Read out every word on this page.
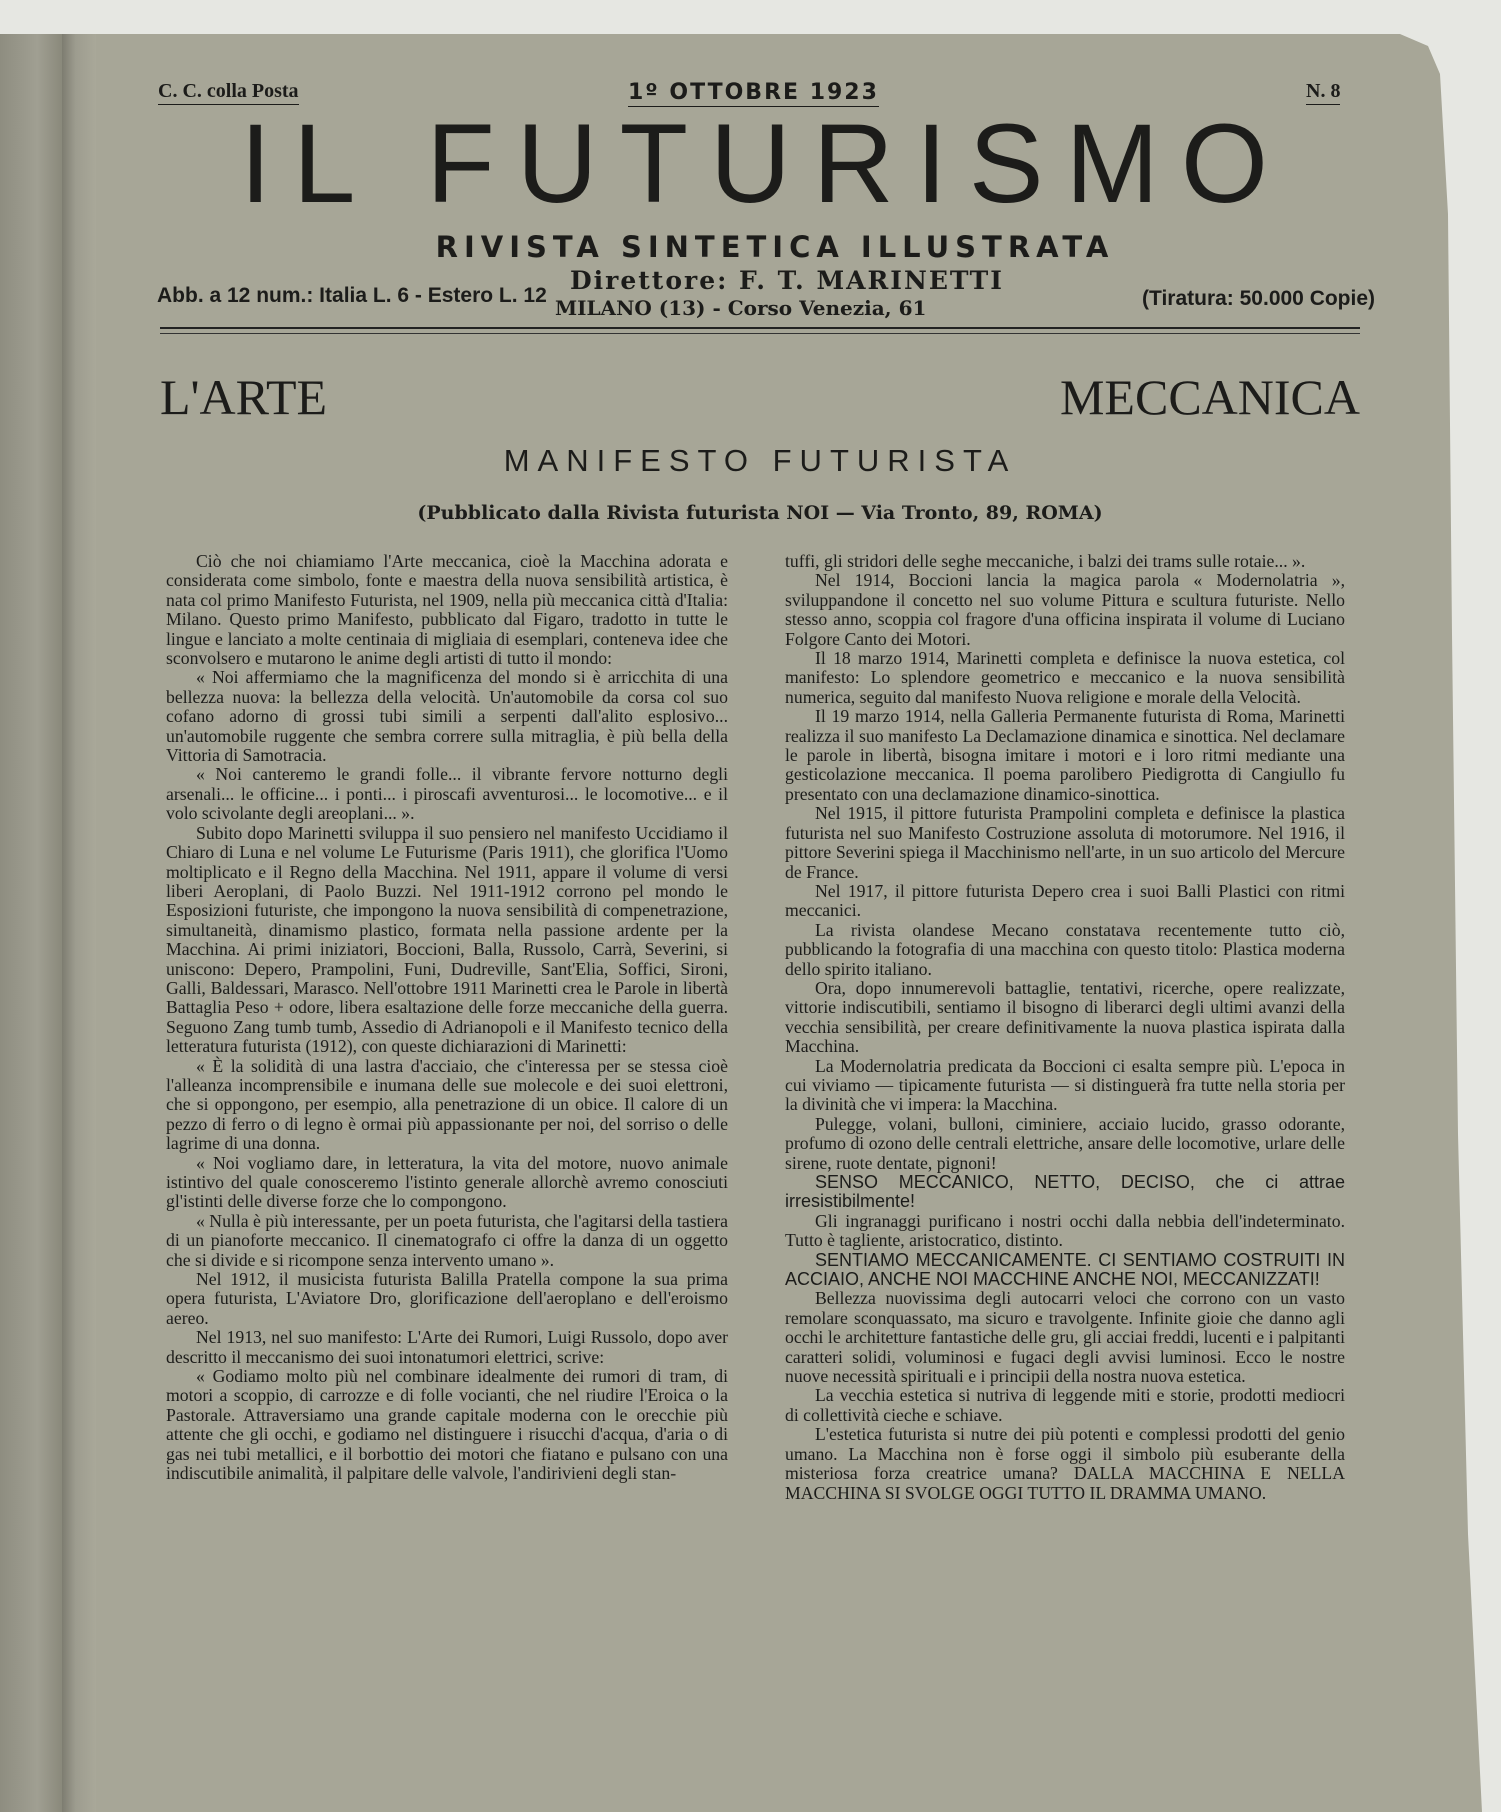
C. C. colla Posta	1º OTTOBRE 1923	N. 8
IL FUTURISMO
RIVISTA SINTETICA ILLUSTRATA
Abb. a 12 num.: Italia L. 6 - Estero L. 12
Direttore: F. T. MARINETTI
MILANO (13) - Corso Venezia, 61	(Tiratura: 50.000 Copie)
L'ARTE MECCANICA
MANIFESTO FUTURISTA
(Pubblicato dalla Rivista futurista NOI — Via Tronto, 89, ROMA)

Ciò che noi chiamiamo l'Arte meccanica, cioè la Macchina adorata e considerata come simbolo, fonte e maestra della nuova sensibilità artistica, è nata col primo Manifesto Futurista, nel 1909, nella più meccanica città d'Italia: Milano. Questo primo Manifesto, pubblicato dal Figaro, tradotto in tutte le lingue e lanciato a molte centinaia di migliaia di esemplari, conteneva idee che sconvolsero e mutarono le anime degli artisti di tutto il mondo:

« Noi affermiamo che la magnificenza del mondo si è arricchita di una bellezza nuova: la bellezza della velocità. Un'automobile da corsa col suo cofano adorno di grossi tubi simili a serpenti dall'alito esplosivo... un'automobile ruggente che sembra correre sulla mitraglia, è più bella della Vittoria di Samotracia.

« Noi canteremo le grandi folle... il vibrante fervore notturno degli arsenali... le officine... i ponti... i piroscafi avventurosi... le locomotive... e il volo scivolante degli areoplani... ».

Subito dopo Marinetti sviluppa il suo pensiero nel manifesto Uccidiamo il Chiaro di Luna e nel volume Le Futurisme (Paris 1911), che glorifica l'Uomo moltiplicato e il Regno della Macchina. Nel 1911, appare il volume di versi liberi Aeroplani, di Paolo Buzzi. Nel 1911-1912 corrono pel mondo le Esposizioni futuriste, che impongono la nuova sensibilità di compenetrazione, simultaneità, dinamismo plastico, formata nella passione ardente per la Macchina. Ai primi iniziatori, Boccioni, Balla, Russolo, Carrà, Severini, si uniscono: Depero, Prampolini, Funi, Dudreville, Sant'Elia, Soffici, Sironi, Galli, Baldessari, Marasco. Nell'ottobre 1911 Marinetti crea le Parole in libertà Battaglia Peso + odore, libera esaltazione delle forze meccaniche della guerra. Seguono Zang tumb tumb, Assedio di Adrianopoli e il Manifesto tecnico della letteratura futurista (1912), con queste dichiarazioni di Marinetti:

« È la solidità di una lastra d'acciaio, che c'interessa per se stessa cioè l'alleanza incomprensibile e inumana delle sue molecole e dei suoi elettroni, che si oppongono, per esempio, alla penetrazione di un obice. Il calore di un pezzo di ferro o di legno è ormai più appassionante per noi, del sorriso o delle lagrime di una donna.

« Noi vogliamo dare, in letteratura, la vita del motore, nuovo animale istintivo del quale conosceremo l'istinto generale allorchè avremo conosciuti gl'istinti delle diverse forze che lo compongono.

« Nulla è più interessante, per un poeta futurista, che l'agitarsi della tastiera di un pianoforte meccanico. Il cinematografo ci offre la danza di un oggetto che si divide e si ricompone senza intervento umano ».

Nel 1912, il musicista futurista Balilla Pratella compone la sua prima opera futurista, L'Aviatore Dro, glorificazione dell'aeroplano e dell'eroismo aereo.

Nel 1913, nel suo manifesto: L'Arte dei Rumori, Luigi Russolo, dopo aver descritto il meccanismo dei suoi intonatumori elettrici, scrive:

« Godiamo molto più nel combinare idealmente dei rumori di tram, di motori a scoppio, di carrozze e di folle vocianti, che nel riudire l'Eroica o la Pastorale. Attraversiamo una grande capitale moderna con le orecchie più attente che gli occhi, e godiamo nel distinguere i risucchi d'acqua, d'aria o di gas nei tubi metallici, e il borbottio dei motori che fiatano e pulsano con una indiscutibile animalità, il palpitare delle valvole, l'andirivieni degli stan-

tuffi, gli stridori delle seghe meccaniche, i balzi dei trams sulle rotaie... ».

Nel 1914, Boccioni lancia la magica parola « Modernolatria », sviluppandone il concetto nel suo volume Pittura e scultura futuriste. Nello stesso anno, scoppia col fragore d'una officina inspirata il volume di Luciano Folgore Canto dei Motori.

Il 18 marzo 1914, Marinetti completa e definisce la nuova estetica, col manifesto: Lo splendore geometrico e meccanico e la nuova sensibilità numerica, seguito dal manifesto Nuova religione e morale della Velocità.

Il 19 marzo 1914, nella Galleria Permanente futurista di Roma, Marinetti realizza il suo manifesto La Declamazione dinamica e sinottica. Nel declamare le parole in libertà, bisogna imitare i motori e i loro ritmi mediante una gesticolazione meccanica. Il poema parolibero Piedigrotta di Cangiullo fu presentato con una declamazione dinamico-sinottica.

Nel 1915, il pittore futurista Prampolini completa e definisce la plastica futurista nel suo Manifesto Costruzione assoluta di motorumore. Nel 1916, il pittore Severini spiega il Macchinismo nell'arte, in un suo articolo del Mercure de France.

Nel 1917, il pittore futurista Depero crea i suoi Balli Plastici con ritmi meccanici.

La rivista olandese Mecano constatava recentemente tutto ciò, pubblicando la fotografia di una macchina con questo titolo: Plastica moderna dello spirito italiano.

Ora, dopo innumerevoli battaglie, tentativi, ricerche, opere realizzate, vittorie indiscutibili, sentiamo il bisogno di liberarci degli ultimi avanzi della vecchia sensibilità, per creare definitivamente la nuova plastica ispirata dalla Macchina.

La Modernolatria predicata da Boccioni ci esalta sempre più. L'epoca in cui viviamo — tipicamente futurista — si distinguerà fra tutte nella storia per la divinità che vi impera: la Macchina.

Pulegge, volani, bulloni, ciminiere, acciaio lucido, grasso odorante, profumo di ozono delle centrali elettriche, ansare delle locomotive, urlare delle sirene, ruote dentate, pignoni!

SENSO MECCANICO, NETTO, DECISO, che ci attrae irresistibilmente!

Gli ingranaggi purificano i nostri occhi dalla nebbia dell'indeterminato. Tutto è tagliente, aristocratico, distinto.

SENTIAMO MECCANICAMENTE. CI SENTIAMO COSTRUITI IN ACCIAIO, ANCHE NOI MACCHINE ANCHE NOI, MECCANIZZATI!

Bellezza nuovissima degli autocarri veloci che corrono con un vasto remolare sconquassato, ma sicuro e travolgente. Infinite gioie che danno agli occhi le architetture fantastiche delle gru, gli acciai freddi, lucenti e i palpitanti caratteri solidi, voluminosi e fugaci degli avvisi luminosi. Ecco le nostre nuove necessità spirituali e i principii della nostra nuova estetica.

La vecchia estetica si nutriva di leggende miti e storie, prodotti mediocri di collettività cieche e schiave.

L'estetica futurista si nutre dei più potenti e complessi prodotti del genio umano. La Macchina non è forse oggi il simbolo più esuberante della misteriosa forza creatrice umana? DALLA MACCHINA E NELLA MACCHINA SI SVOLGE OGGI TUTTO IL DRAMMA UMANO.
